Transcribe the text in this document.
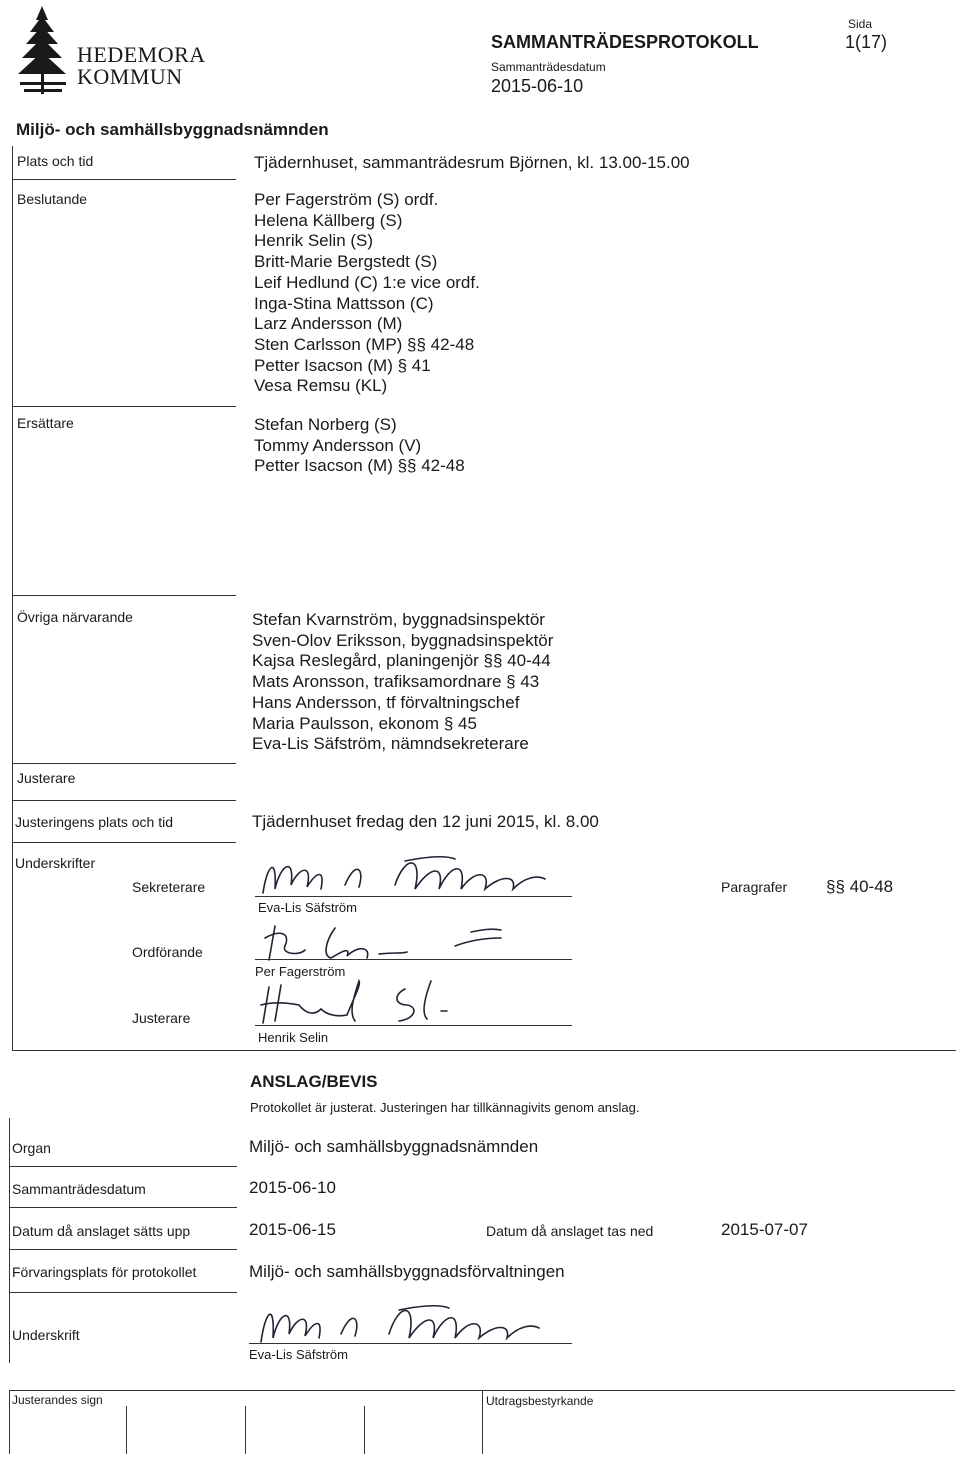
HEDEMORA
KOMMUN
SAMMANTRÄDESPROTOKOLL
Sammanträdesdatum
2015-06-10
Sida
1(17)
Miljö- och samhällsbyggnadsnämnden
Plats och tid	Tjädernhuset, sammanträdesrum Björnen, kl. 13.00-15.00
Beslutande	Per Fagerström (S) ordf.
Helena Källberg (S)
Henrik Selin (S)
Britt-Marie Bergstedt (S)
Leif Hedlund (C) 1:e vice ordf.
Inga-Stina Mattsson (C)
Larz Andersson (M)
Sten Carlsson (MP) §§ 42-48
Petter Isacson (M) § 41
Vesa Remsu (KL)
Ersättare	Stefan Norberg (S)
Tommy Andersson (V)
Petter Isacson (M) §§ 42-48
Övriga närvarande	Stefan Kvarnström, byggnadsinspektör
Sven-Olov Eriksson, byggnadsinspektör
Kajsa Reslegård, planingenjör §§ 40-44
Mats Aronsson, trafiksamordnare § 43
Hans Andersson, tf förvaltningschef
Maria Paulsson, ekonom § 45
Eva-Lis Säfström, nämndsekreterare
Justerare
Justeringens plats och tid	Tjädernhuset fredag den 12 juni 2015, kl. 8.00
Underskrifter
Sekreterare
Eva-Lis Säfström
Paragrafer §§ 40-48
Ordförande
Per Fagerström
Justerare
Henrik Selin
ANSLAG/BEVIS
Protokollet är justerat. Justeringen har tillkännagivits genom anslag.
Organ	Miljö- och samhällsbyggnadsnämnden
Sammanträdesdatum	2015-06-10
Datum då anslaget sätts upp	2015-06-15	Datum då anslaget tas ned	2015-07-07
Förvaringsplats för protokollet	Miljö- och samhällsbyggnadsförvaltningen
Underskrift
Eva-Lis Säfström
Justerandes sign	Utdragsbestyrkande
